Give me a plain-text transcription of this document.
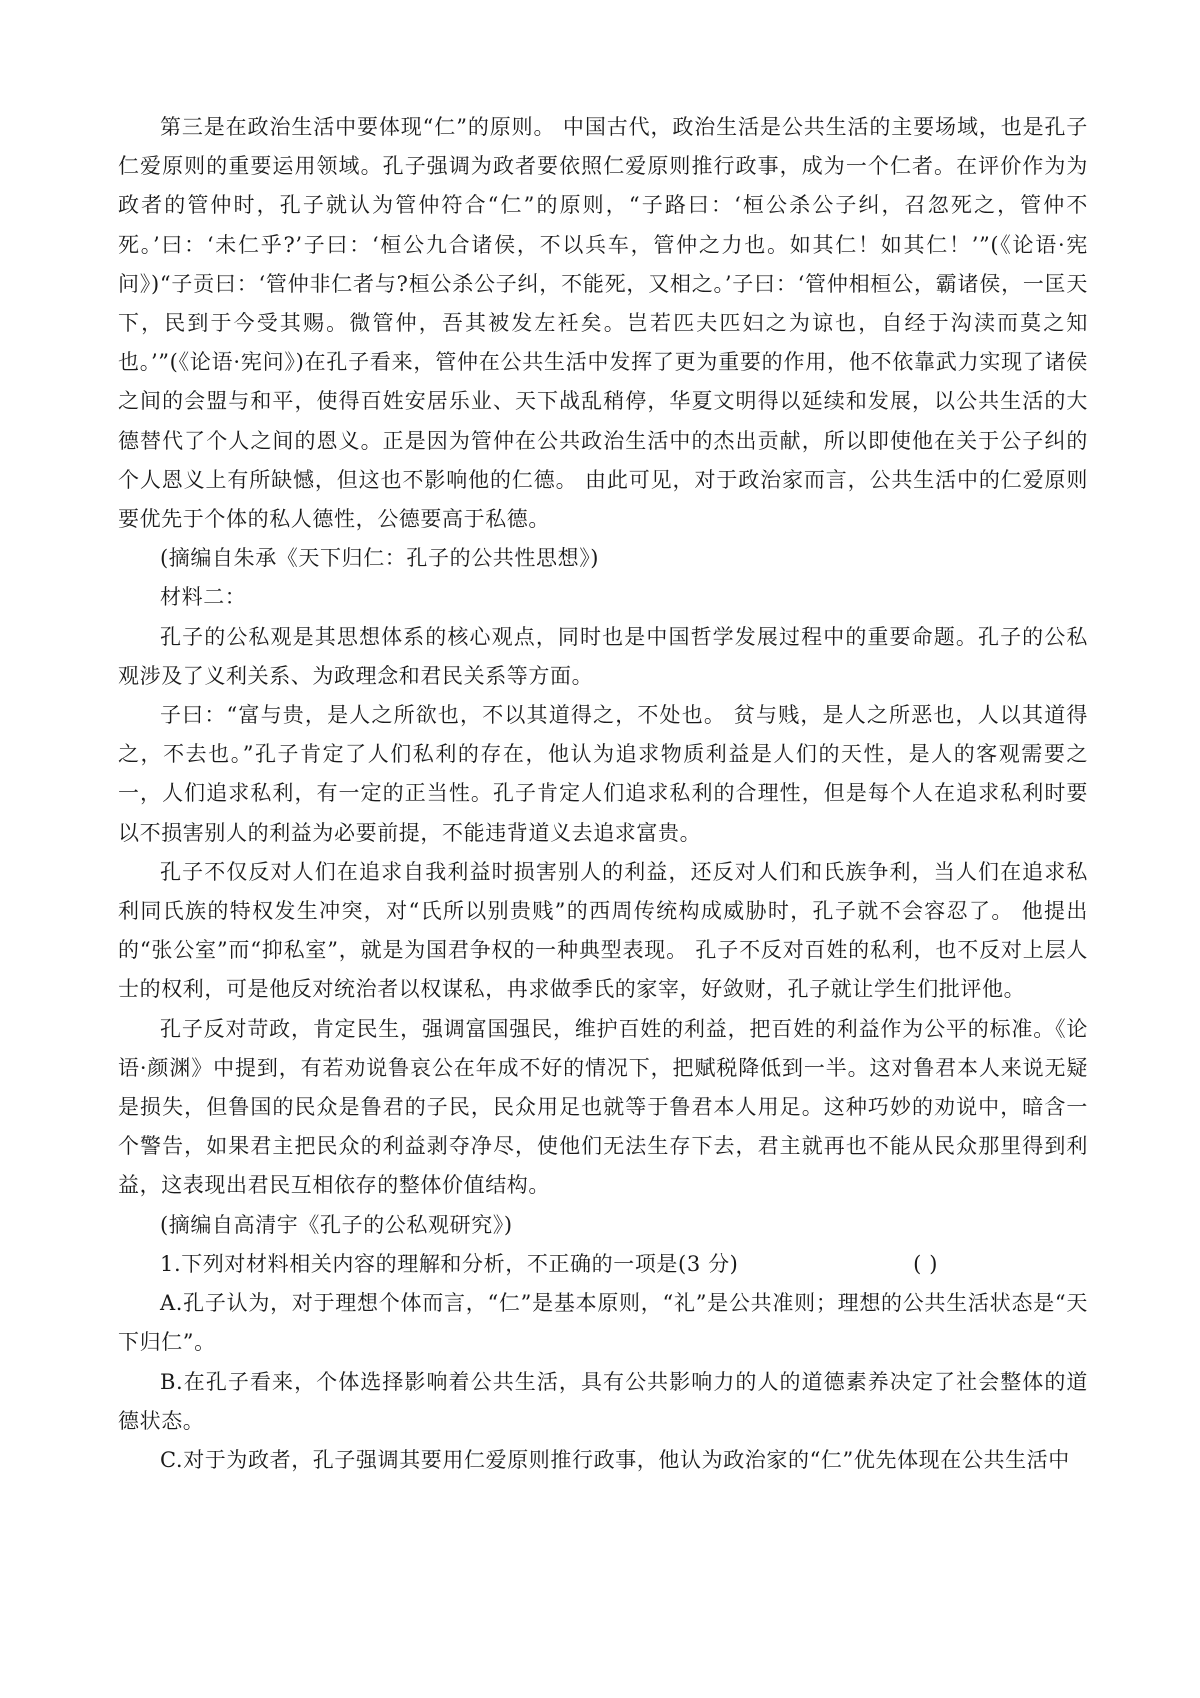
第三是在政治生活中要体现“仁”的原则。 中国古代，政治生活是公共生活的主要场域，也是孔子仁爱原则的重要运用领域。孔子强调为政者要依照仁爱原则推行政事，成为一个仁者。在评价作为为政者的管仲时，孔子就认为管仲符合“仁”的原则，“子路曰：‘桓公杀公子纠，召忽死之，管仲不死。’曰：‘未仁乎?’子曰：‘桓公九合诸侯，不以兵车，管仲之力也。如其仁！如其仁！’”(《论语·宪问》)“子贡曰：‘管仲非仁者与?桓公杀公子纠，不能死，又相之。’子曰：‘管仲相桓公，霸诸侯，一匡天下，民到于今受其赐。微管仲，吾其被发左衽矣。岂若匹夫匹妇之为谅也，自经于沟渎而莫之知也。’”(《论语·宪问》)在孔子看来，管仲在公共生活中发挥了更为重要的作用，他不依靠武力实现了诸侯之间的会盟与和平，使得百姓安居乐业、天下战乱稍停，华夏文明得以延续和发展，以公共生活的大德替代了个人之间的恩义。正是因为管仲在公共政治生活中的杰出贡献，所以即使他在关于公子纠的个人恩义上有所缺憾，但这也不影响他的仁德。 由此可见，对于政治家而言，公共生活中的仁爱原则要优先于个体的私人德性，公德要高于私德。

(摘编自朱承《天下归仁：孔子的公共性思想》)

材料二：

孔子的公私观是其思想体系的核心观点，同时也是中国哲学发展过程中的重要命题。孔子的公私观涉及了义利关系、为政理念和君民关系等方面。

子曰：“富与贵，是人之所欲也，不以其道得之，不处也。 贫与贱，是人之所恶也，人以其道得之，不去也。”孔子肯定了人们私利的存在，他认为追求物质利益是人们的天性，是人的客观需要之一，人们追求私利，有一定的正当性。孔子肯定人们追求私利的合理性，但是每个人在追求私利时要以不损害别人的利益为必要前提，不能违背道义去追求富贵。

孔子不仅反对人们在追求自我利益时损害别人的利益，还反对人们和氏族争利，当人们在追求私利同氏族的特权发生冲突，对“氏所以别贵贱”的西周传统构成威胁时，孔子就不会容忍了。 他提出的“张公室”而“抑私室”，就是为国君争权的一种典型表现。 孔子不反对百姓的私利，也不反对上层人士的权利，可是他反对统治者以权谋私，冉求做季氏的家宰，好敛财，孔子就让学生们批评他。

孔子反对苛政，肯定民生，强调富国强民，维护百姓的利益，把百姓的利益作为公平的标准。《论语·颜渊》中提到，有若劝说鲁哀公在年成不好的情况下，把赋税降低到一半。这对鲁君本人来说无疑是损失，但鲁国的民众是鲁君的子民，民众用足也就等于鲁君本人用足。这种巧妙的劝说中，暗含一个警告，如果君主把民众的利益剥夺净尽，使他们无法生存下去，君主就再也不能从民众那里得到利益，这表现出君民互相依存的整体价值结构。

(摘编自高清宇《孔子的公私观研究》)

1.下列对材料相关内容的理解和分析，不正确的一项是(3 分)	( )

A.孔子认为，对于理想个体而言，“仁”是基本原则，“礼”是公共准则；理想的公共生活状态是“天下归仁”。

B.在孔子看来，个体选择影响着公共生活，具有公共影响力的人的道德素养决定了社会整体的道德状态。

C.对于为政者，孔子强调其要用仁爱原则推行政事，他认为政治家的“仁”优先体现在公共生活中
